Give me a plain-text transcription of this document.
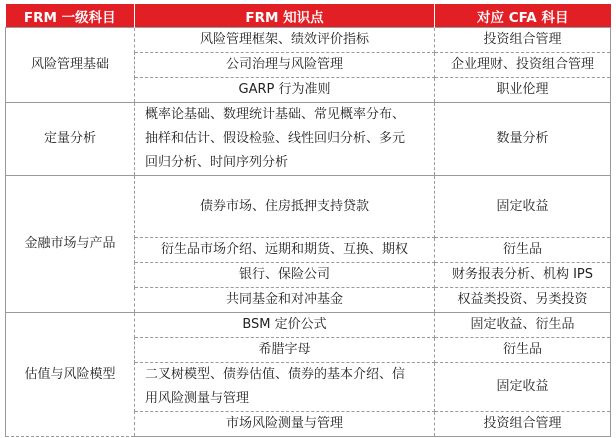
FRM 一级科目	FRM 知识点	对应 CFA 科目
风险管理基础	风险管理框架、绩效评价指标	投资组合管理

	公司治理与风险管理	企业理财、投资组合管理

	GARP 行为准则	职业伦理
定量分析	概率论基础、数理统计基础、常见概率分布、
抽样和估计、假设检验、线性回归分析、多元
回归分析、时间序列分析	数量分析
金融市场与产品	债券市场、住房抵押支持贷款	固定收益

	衍生品市场介绍、远期和期货、互换、期权	衍生品

	银行、保险公司	财务报表分析、机构 IPS

	共同基金和对冲基金	权益类投资、另类投资
估值与风险模型	BSM 定价公式	固定收益、衍生品

	希腊字母	衍生品

	二叉树模型、债券估值、债券的基本介绍、信
用风险测量与管理	固定收益

	市场风险测量与管理	投资组合管理
